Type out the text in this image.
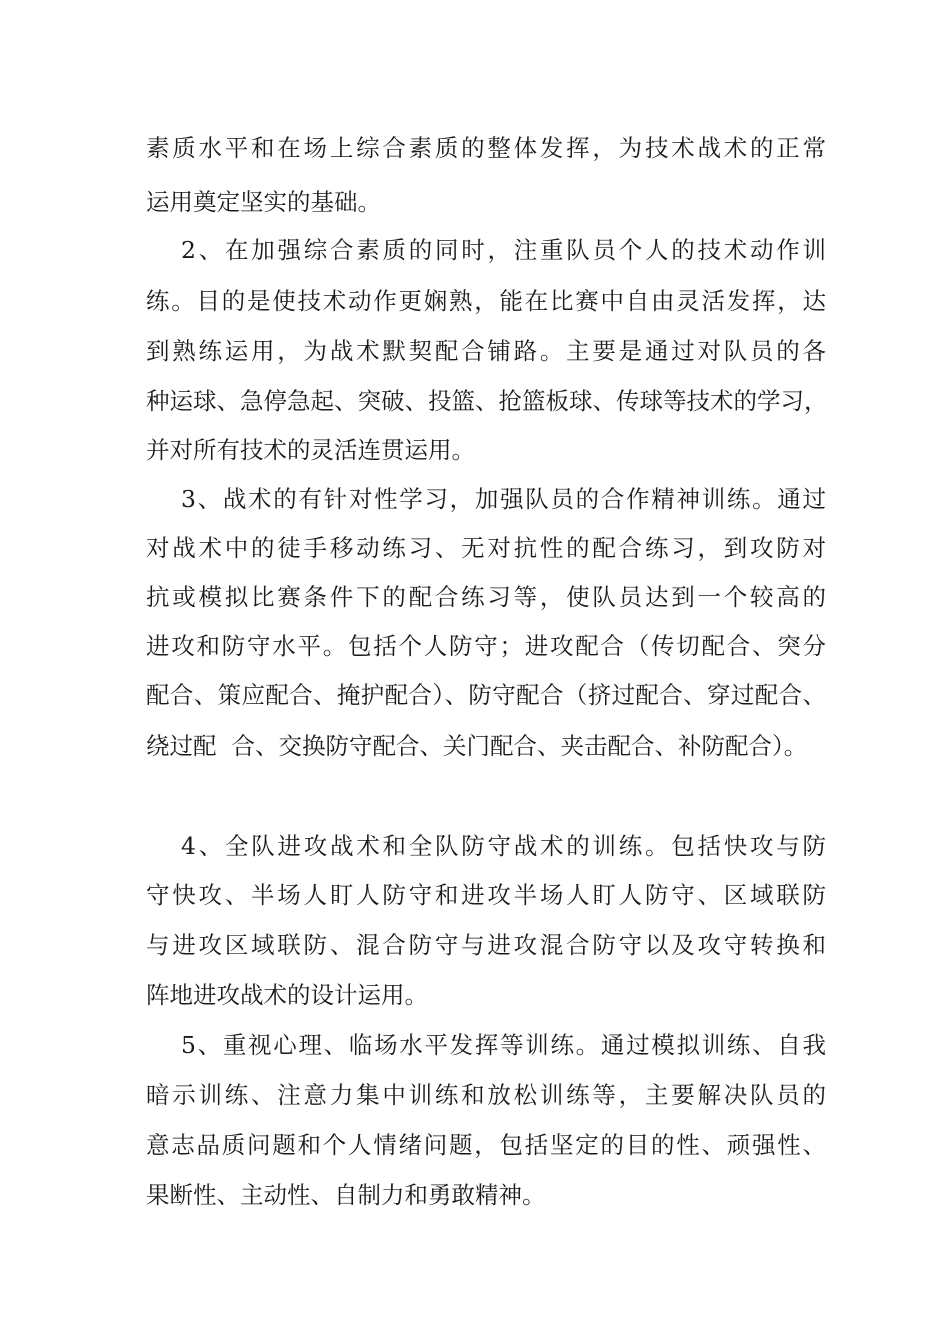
素质水平和在场上综合素质的整体发挥，为技术战术的正常
运用奠定坚实的基础。
2、在加强综合素质的同时，注重队员个人的技术动作训
练。目的是使技术动作更娴熟，能在比赛中自由灵活发挥，达
到熟练运用，为战术默契配合铺路。主要是通过对队员的各
种运球、急停急起、突破、投篮、抢篮板球、传球等技术的学习，
并对所有技术的灵活连贯运用。
3、战术的有针对性学习，加强队员的合作精神训练。通过
对战术中的徒手移动练习、无对抗性的配合练习，到攻防对
抗或模拟比赛条件下的配合练习等，使队员达到一个较高的
进攻和防守水平。包括个人防守；进攻配合（传切配合、突分
配合、策应配合、掩护配合）、防守配合（挤过配合、穿过配合、
绕过配  合、交换防守配合、关门配合、夹击配合、补防配合）。
4、全队进攻战术和全队防守战术的训练。包括快攻与防
守快攻、半场人盯人防守和进攻半场人盯人防守、区域联防
与进攻区域联防、混合防守与进攻混合防守以及攻守转换和
阵地进攻战术的设计运用。
5、重视心理、临场水平发挥等训练。通过模拟训练、自我
暗示训练、注意力集中训练和放松训练等，主要解决队员的
意志品质问题和个人情绪问题，包括坚定的目的性、顽强性、
果断性、主动性、自制力和勇敢精神。
